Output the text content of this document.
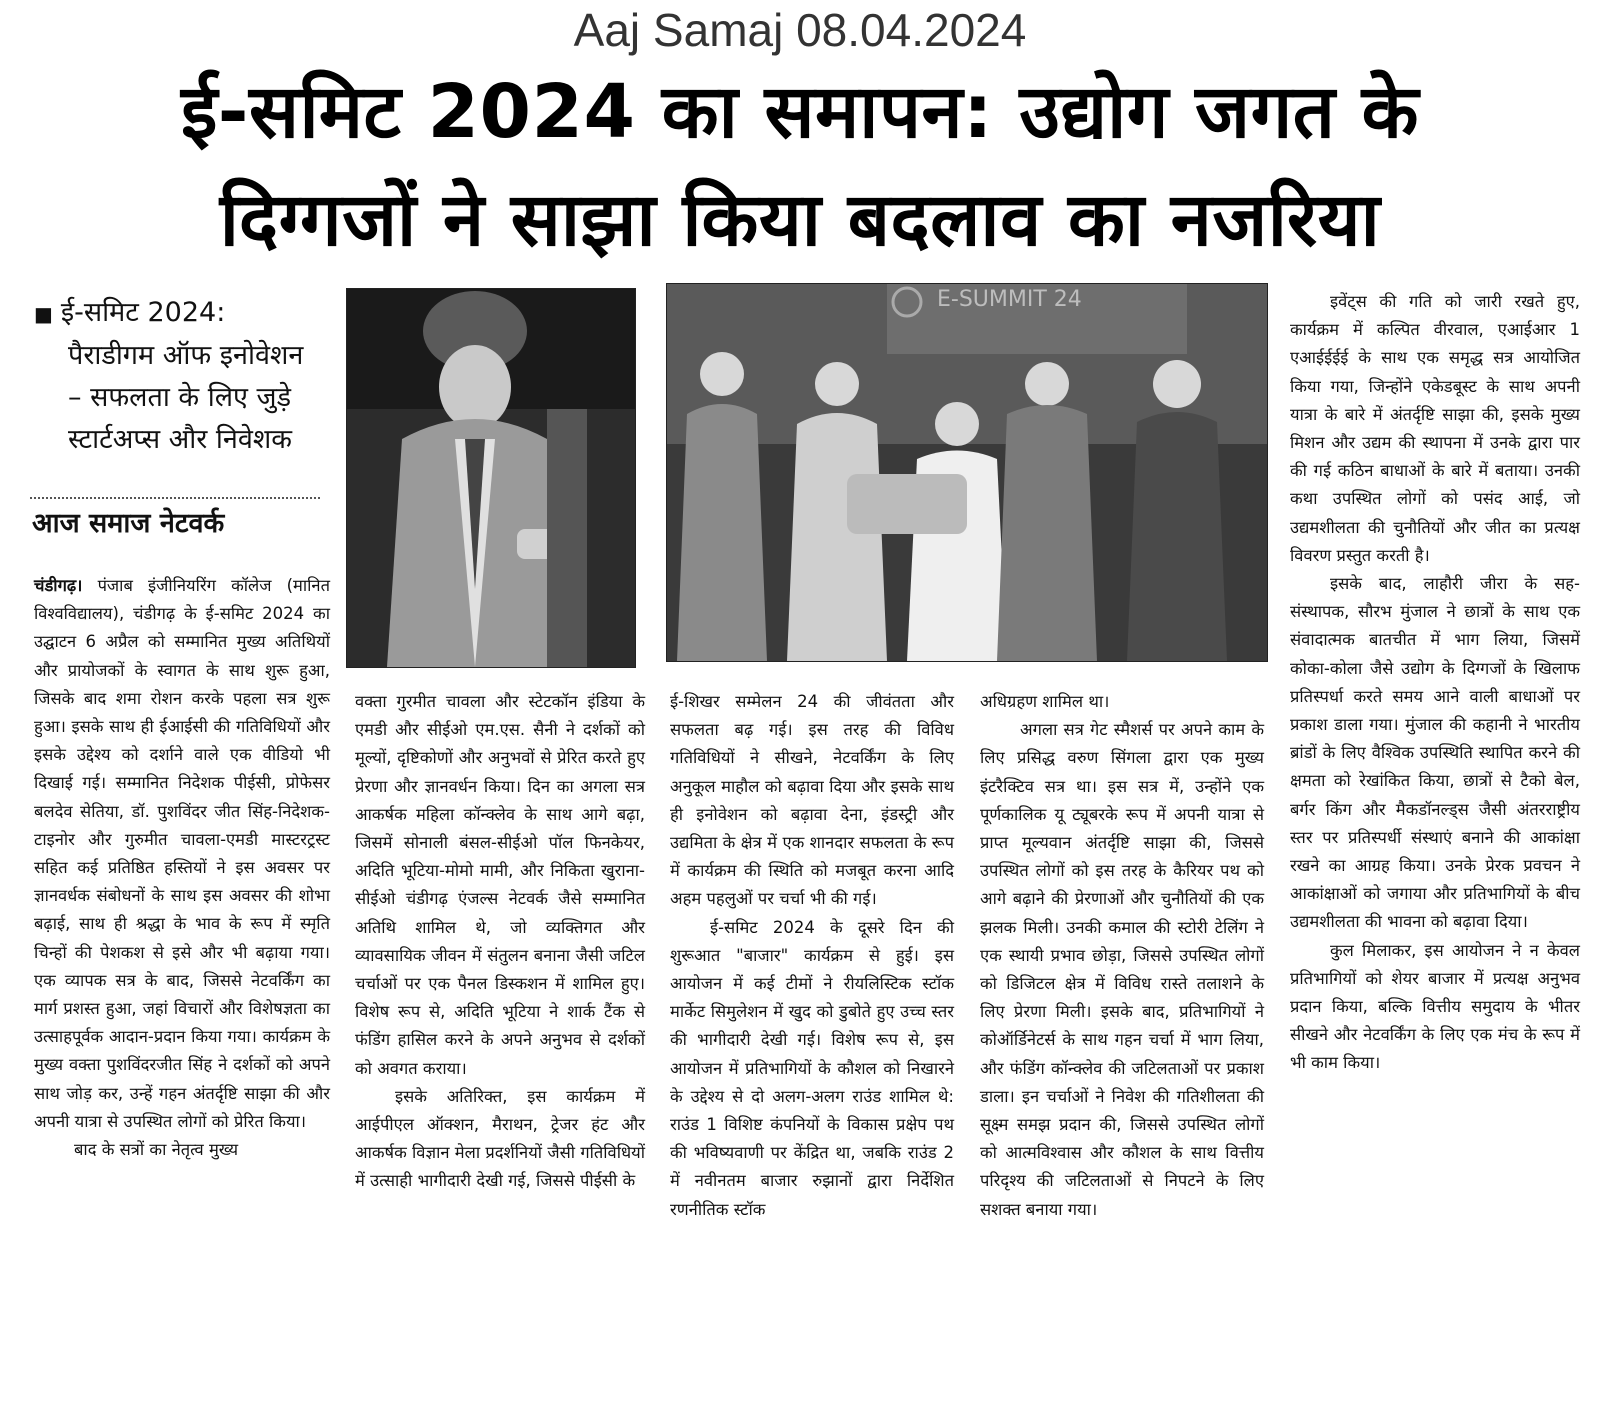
Aaj Samaj 08.04.2024
ई-समिट 2024 का समापन: उद्योग जगत के
दिग्गजों ने साझा किया बदलाव का नजरिया
■ ई-समिट 2024:
पैराडीगम ऑफ इनोवेशन – सफलता के लिए जुड़े स्टार्टअप्स और निवेशक
आज समाज नेटवर्क
E-SUMMIT 24

चंडीगढ़। पंजाब इंजीनियरिंग कॉलेज (मानित विश्वविद्यालय), चंडीगढ़ के ई-समिट 2024 का उद्घाटन 6 अप्रैल को सम्मानित मुख्य अतिथियों और प्रायोजकों के स्वागत के साथ शुरू हुआ, जिसके बाद शमा रोशन करके पहला सत्र शुरू हुआ। इसके साथ ही ईआईसी की गतिविधियों और इसके उद्देश्य को दर्शाने वाले एक वीडियो भी दिखाई गई। सम्मानित निदेशक पीईसी, प्रोफेसर बलदेव सेतिया, डॉ. पुशविंदर जीत सिंह-निदेशक-टाइनोर और गुरुमीत चावला-एमडी मास्टरट्रस्ट सहित कई प्रतिष्ठित हस्तियों ने इस अवसर पर ज्ञानवर्धक संबोधनों के साथ इस अवसर की शोभा बढ़ाई, साथ ही श्रद्धा के भाव के रूप में स्मृति चिन्हों की पेशकश से इसे और भी बढ़ाया गया। एक व्यापक सत्र के बाद, जिससे नेटवर्किंग का मार्ग प्रशस्त हुआ, जहां विचारों और विशेषज्ञता का उत्साहपूर्वक आदान-प्रदान किया गया। कार्यक्रम के मुख्य वक्ता पुशविंदरजीत सिंह ने दर्शकों को अपने साथ जोड़ कर, उन्हें गहन अंतर्दृष्टि साझा की और अपनी यात्रा से उपस्थित लोगों को प्रेरित किया।

बाद के सत्रों का नेतृत्व मुख्य

वक्ता गुरमीत चावला और स्टेटकॉन इंडिया के एमडी और सीईओ एम.एस. सैनी ने दर्शकों को मूल्यों, दृष्टिकोणों और अनुभवों से प्रेरित करते हुए प्रेरणा और ज्ञानवर्धन किया। दिन का अगला सत्र आकर्षक महिला कॉन्क्लेव के साथ आगे बढ़ा, जिसमें सोनाली बंसल-सीईओ पॉल फिनकेयर, अदिति भूटिया-मोमो मामी, और निकिता खुराना-सीईओ चंडीगढ़ एंजल्स नेटवर्क जैसे सम्मानित अतिथि शामिल थे, जो व्यक्तिगत और व्यावसायिक जीवन में संतुलन बनाना जैसी जटिल चर्चाओं पर एक पैनल डिस्कशन में शामिल हुए। विशेष रूप से, अदिति भूटिया ने शार्क टैंक से फंडिंग हासिल करने के अपने अनुभव से दर्शकों को अवगत कराया।

इसके अतिरिक्त, इस कार्यक्रम में आईपीएल ऑक्शन, मैराथन, ट्रेजर हंट और आकर्षक विज्ञान मेला प्रदर्शनियों जैसी गतिविधियों में उत्साही भागीदारी देखी गई, जिससे पीईसी के

ई-शिखर सम्मेलन 24 की जीवंतता और सफलता बढ़ गई। इस तरह की विविध गतिविधियों ने सीखने, नेटवर्किंग के लिए अनुकूल माहौल को बढ़ावा दिया और इसके साथ ही इनोवेशन को बढ़ावा देना, इंडस्ट्री और उद्यमिता के क्षेत्र में एक शानदार सफलता के रूप में कार्यक्रम की स्थिति को मजबूत करना आदि अहम पहलुओं पर चर्चा भी की गई।

ई-समिट 2024 के दूसरे दिन की शुरूआत "बाजार" कार्यक्रम से हुई। इस आयोजन में कई टीमों ने रीयलिस्टिक स्टॉक मार्केट सिमुलेशन में खुद को डुबोते हुए उच्च स्तर की भागीदारी देखी गई। विशेष रूप से, इस आयोजन में प्रतिभागियों के कौशल को निखारने के उद्देश्य से दो अलग-अलग राउंड शामिल थे: राउंड 1 विशिष्ट कंपनियों के विकास प्रक्षेप पथ की भविष्यवाणी पर केंद्रित था, जबकि राउंड 2 में नवीनतम बाजार रुझानों द्वारा निर्देशित रणनीतिक स्टॉक

अधिग्रहण शामिल था।

अगला सत्र गेट स्मैशर्स पर अपने काम के लिए प्रसिद्ध वरुण सिंगला द्वारा एक मुख्य इंटरैक्टिव सत्र था। इस सत्र में, उन्होंने एक पूर्णकालिक यू ट्यूबरके रूप में अपनी यात्रा से प्राप्त मूल्यवान अंतर्दृष्टि साझा की, जिससे उपस्थित लोगों को इस तरह के कैरियर पथ को आगे बढ़ाने की प्रेरणाओं और चुनौतियों की एक झलक मिली। उनकी कमाल की स्टोरी टेलिंग ने एक स्थायी प्रभाव छोड़ा, जिससे उपस्थित लोगों को डिजिटल क्षेत्र में विविध रास्ते तलाशने के लिए प्रेरणा मिली। इसके बाद, प्रतिभागियों ने कोऑर्डिनेटर्स के साथ गहन चर्चा में भाग लिया, और फंडिंग कॉन्क्लेव की जटिलताओं पर प्रकाश डाला। इन चर्चाओं ने निवेश की गतिशीलता की सूक्ष्म समझ प्रदान की, जिससे उपस्थित लोगों को आत्मविश्वास और कौशल के साथ वित्तीय परिदृश्य की जटिलताओं से निपटने के लिए सशक्त बनाया गया।

इवेंट्स की गति को जारी रखते हुए, कार्यक्रम में कल्पित वीरवाल, एआईआर 1 एआईईईई के साथ एक समृद्ध सत्र आयोजित किया गया, जिन्होंने एकेडबूस्ट के साथ अपनी यात्रा के बारे में अंतर्दृष्टि साझा की, इसके मुख्य मिशन और उद्यम की स्थापना में उनके द्वारा पार की गई कठिन बाधाओं के बारे में बताया। उनकी कथा उपस्थित लोगों को पसंद आई, जो उद्यमशीलता की चुनौतियों और जीत का प्रत्यक्ष विवरण प्रस्तुत करती है।

इसके बाद, लाहौरी जीरा के सह-संस्थापक, सौरभ मुंजाल ने छात्रों के साथ एक संवादात्मक बातचीत में भाग लिया, जिसमें कोका-कोला जैसे उद्योग के दिग्गजों के खिलाफ प्रतिस्पर्धा करते समय आने वाली बाधाओं पर प्रकाश डाला गया। मुंजाल की कहानी ने भारतीय ब्रांडों के लिए वैश्विक उपस्थिति स्थापित करने की क्षमता को रेखांकित किया, छात्रों से टैको बेल, बर्गर किंग और मैकडॉनल्ड्स जैसी अंतरराष्ट्रीय स्तर पर प्रतिस्पर्धी संस्थाएं बनाने की आकांक्षा रखने का आग्रह किया। उनके प्रेरक प्रवचन ने आकांक्षाओं को जगाया और प्रतिभागियों के बीच उद्यमशीलता की भावना को बढ़ावा दिया।

कुल मिलाकर, इस आयोजन ने न केवल प्रतिभागियों को शेयर बाजार में प्रत्यक्ष अनुभव प्रदान किया, बल्कि वित्तीय समुदाय के भीतर सीखने और नेटवर्किंग के लिए एक मंच के रूप में भी काम किया।
